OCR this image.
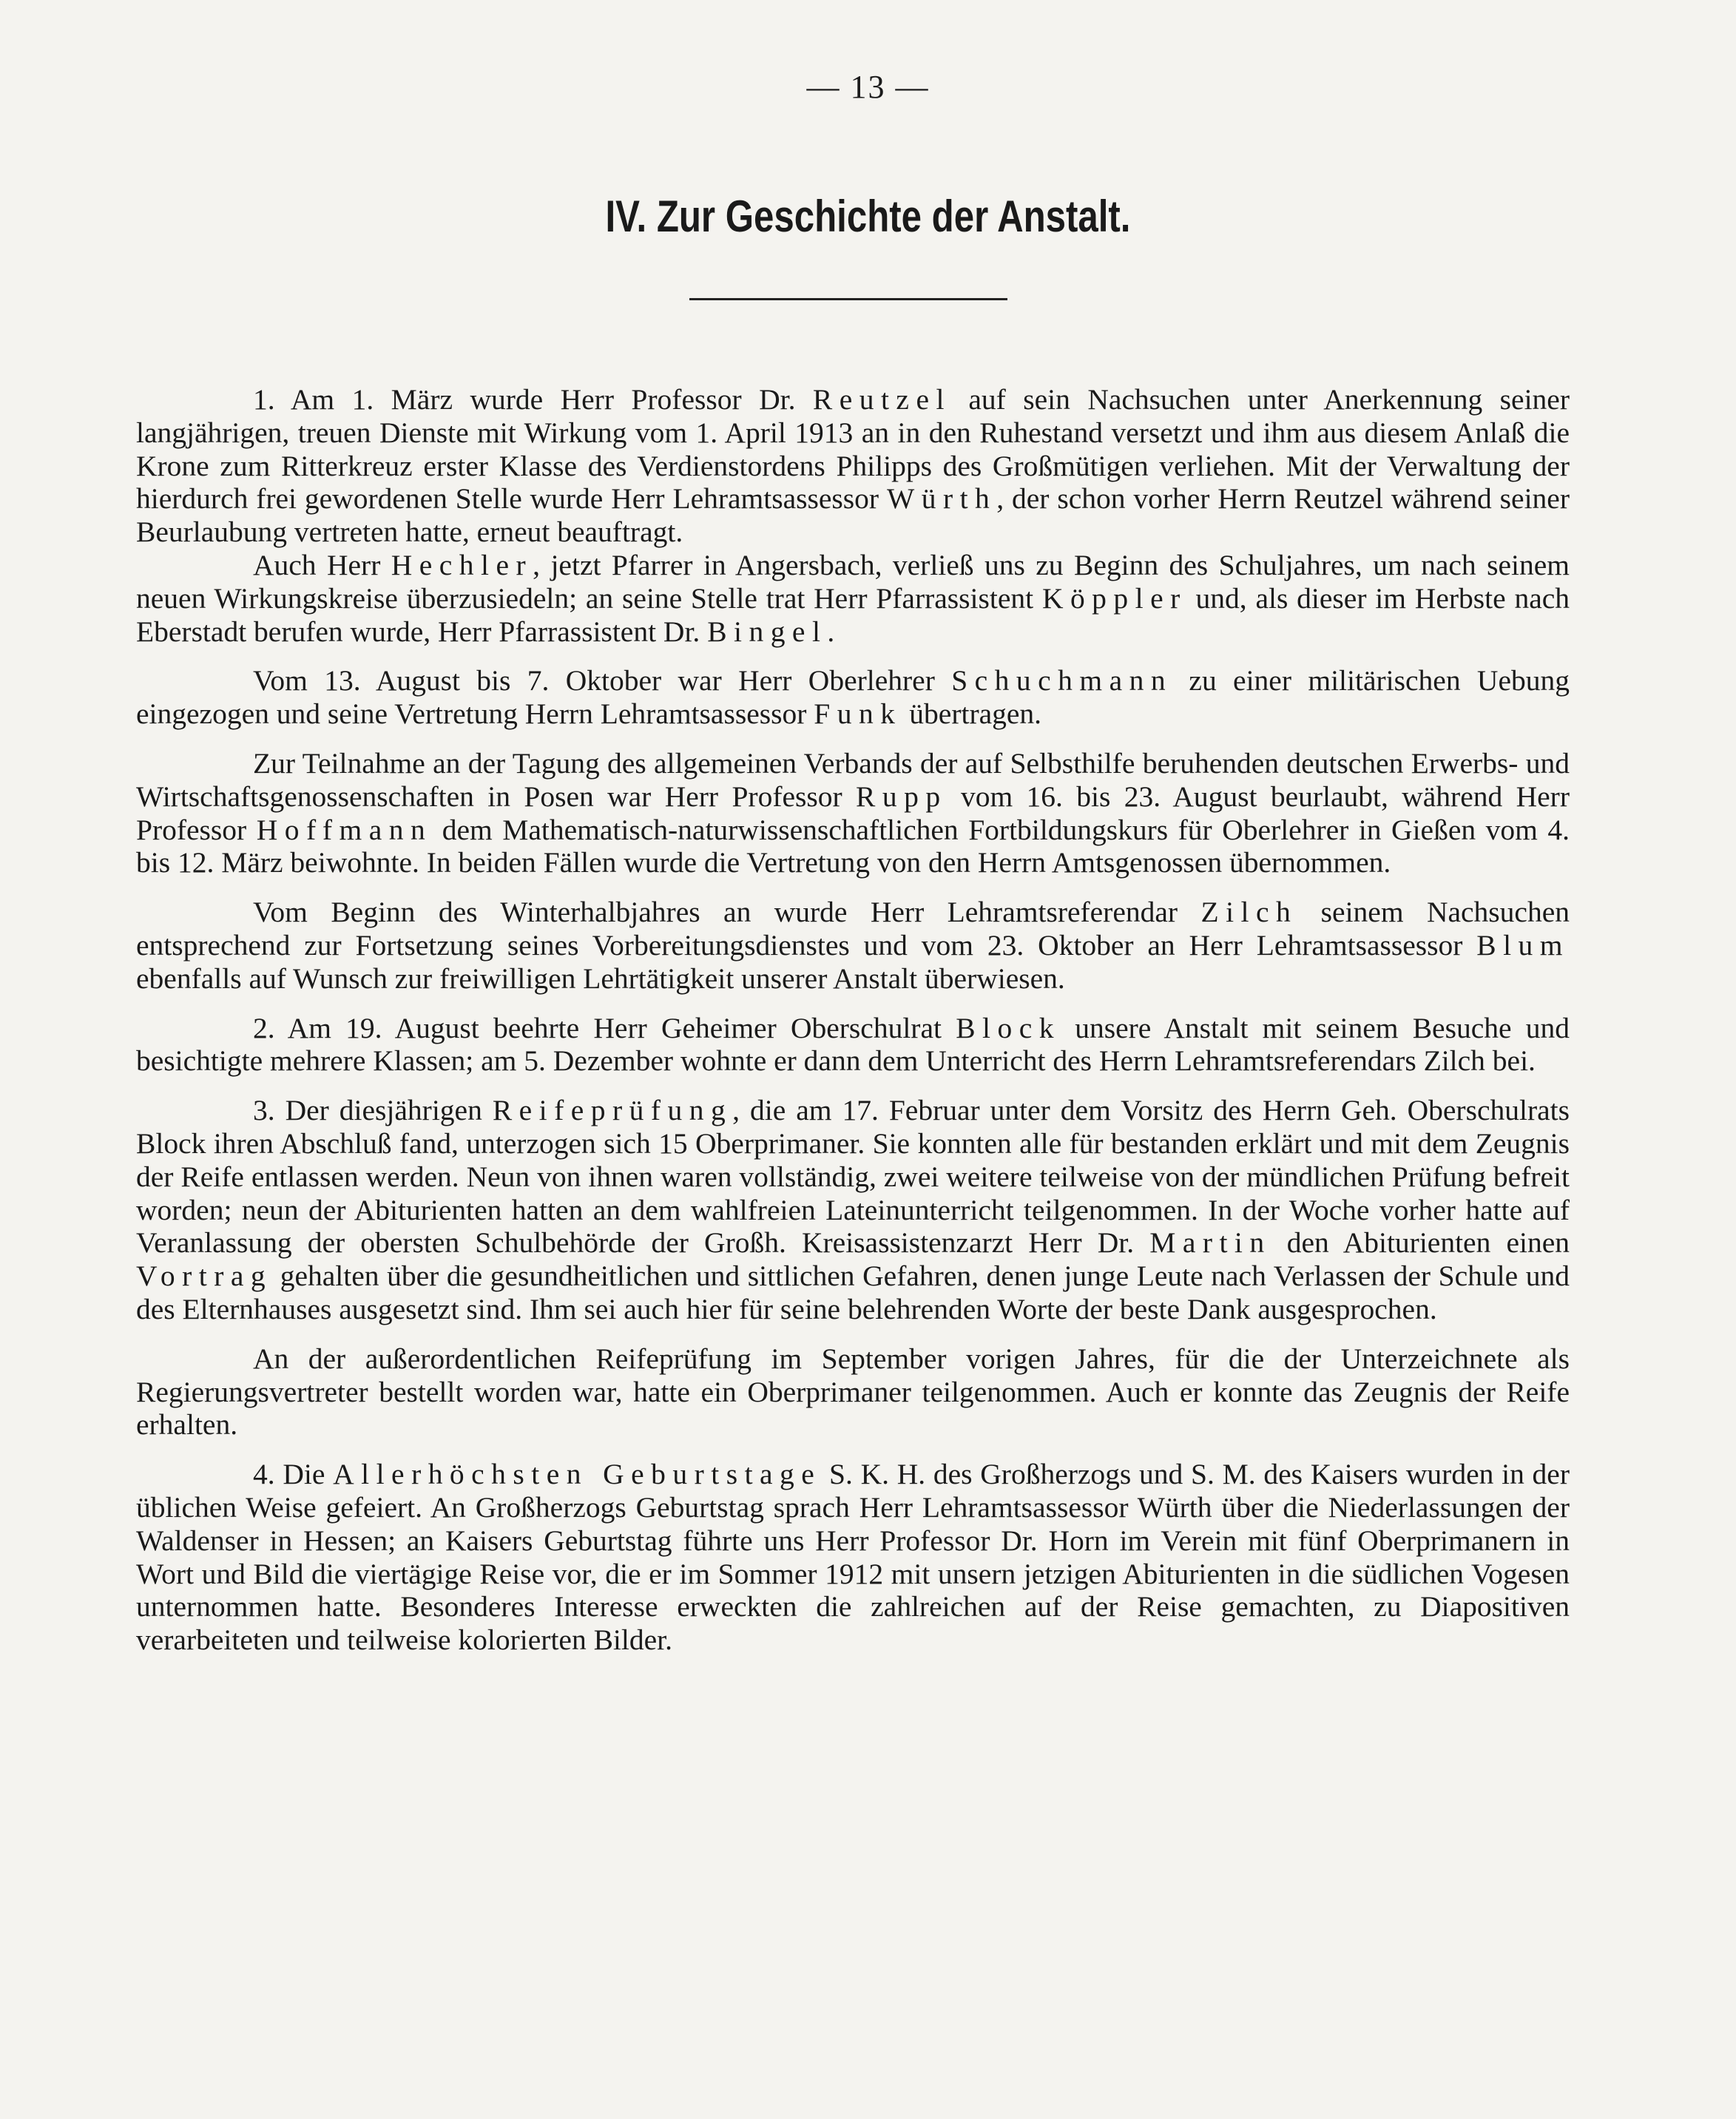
— 13 —
IV. Zur Geschichte der Anstalt.

1. Am 1. März wurde Herr Professor Dr. Reutzel auf sein Nachsuchen unter Anerkennung seiner langjährigen, treuen Dienste mit Wirkung vom 1. April 1913 an in den Ruhestand versetzt und ihm aus diesem Anlaß die Krone zum Ritterkreuz erster Klasse des Verdienstordens Philipps des Großmütigen verliehen. Mit der Verwaltung der hierdurch frei gewordenen Stelle wurde Herr Lehramtsassessor Würth, der schon vorher Herrn Reutzel während seiner Beurlaubung vertreten hatte, erneut beauftragt.

Auch Herr Hechler, jetzt Pfarrer in Angersbach, verließ uns zu Beginn des Schuljahres, um nach seinem neuen Wirkungskreise überzusiedeln; an seine Stelle trat Herr Pfarrassistent Köppler und, als dieser im Herbste nach Eberstadt berufen wurde, Herr Pfarrassistent Dr. Bingel.

Vom 13. August bis 7. Oktober war Herr Oberlehrer Schuchmann zu einer militärischen Uebung eingezogen und seine Vertretung Herrn Lehramtsassessor Funk übertragen.

Zur Teilnahme an der Tagung des allgemeinen Verbands der auf Selbsthilfe beruhenden deutschen Erwerbs- und Wirtschaftsgenossenschaften in Posen war Herr Professor Rupp vom 16. bis 23. August beurlaubt, während Herr Professor Hoffmann dem Mathematisch-naturwissenschaftlichen Fortbildungskurs für Oberlehrer in Gießen vom 4. bis 12. März beiwohnte. In beiden Fällen wurde die Vertretung von den Herrn Amtsgenossen übernommen.

Vom Beginn des Winterhalbjahres an wurde Herr Lehramtsreferendar Zilch seinem Nachsuchen entsprechend zur Fortsetzung seines Vorbereitungsdienstes und vom 23. Oktober an Herr Lehramtsassessor Blum ebenfalls auf Wunsch zur freiwilligen Lehrtätigkeit unserer Anstalt überwiesen.

2. Am 19. August beehrte Herr Geheimer Oberschulrat Block unsere Anstalt mit seinem Besuche und besichtigte mehrere Klassen; am 5. Dezember wohnte er dann dem Unterricht des Herrn Lehramtsreferendars Zilch bei.

3. Der diesjährigen Reifeprüfung, die am 17. Februar unter dem Vorsitz des Herrn Geh. Oberschulrats Block ihren Abschluß fand, unterzogen sich 15 Oberprimaner. Sie konnten alle für bestanden erklärt und mit dem Zeugnis der Reife entlassen werden. Neun von ihnen waren vollständig, zwei weitere teilweise von der mündlichen Prüfung befreit worden; neun der Abiturienten hatten an dem wahlfreien Lateinunterricht teilgenommen. In der Woche vorher hatte auf Veranlassung der obersten Schulbehörde der Großh. Kreisassistenzarzt Herr Dr. Martin den Abiturienten einen Vortrag gehalten über die gesundheitlichen und sittlichen Gefahren, denen junge Leute nach Verlassen der Schule und des Elternhauses ausgesetzt sind. Ihm sei auch hier für seine belehrenden Worte der beste Dank ausgesprochen.

An der außerordentlichen Reifeprüfung im September vorigen Jahres, für die der Unterzeichnete als Regierungsvertreter bestellt worden war, hatte ein Oberprimaner teilgenommen. Auch er konnte das Zeugnis der Reife erhalten.

4. Die Allerhöchsten Geburtstage S. K. H. des Großherzogs und S. M. des Kaisers wurden in der üblichen Weise gefeiert. An Großherzogs Geburtstag sprach Herr Lehramtsassessor Würth über die Niederlassungen der Waldenser in Hessen; an Kaisers Geburtstag führte uns Herr Professor Dr. Horn im Verein mit fünf Oberprimanern in Wort und Bild die viertägige Reise vor, die er im Sommer 1912 mit unsern jetzigen Abiturienten in die südlichen Vogesen unternommen hatte. Besonderes Interesse erweckten die zahlreichen auf der Reise gemachten, zu Diapositiven verarbeiteten und teilweise kolorierten Bilder.
